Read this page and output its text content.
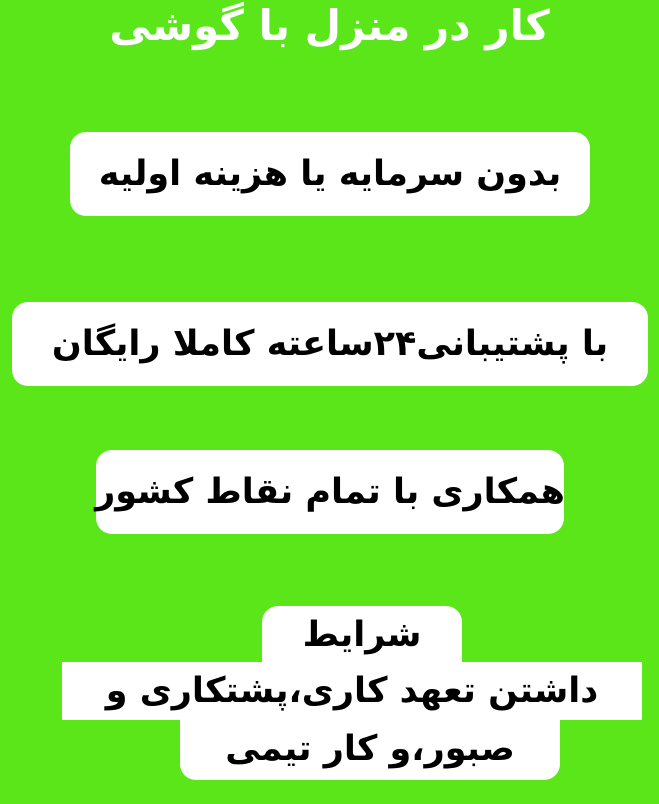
کار در منزل با گوشی
بدون سرمایه یا هزینه اولیه
با پشتیبانی۲۴ساعته کاملا رایگان
همکاری با تمام نقاط کشور
شرایط
داشتن تعهد کاری،پشتکاری و
صبور،و کار تیمی
